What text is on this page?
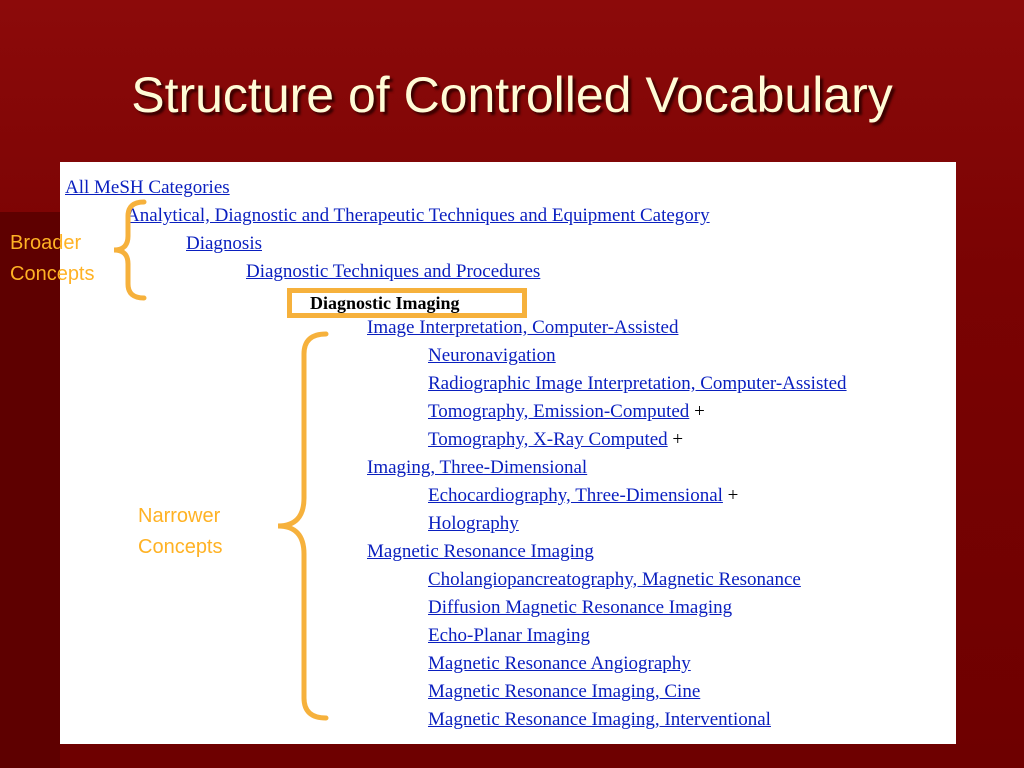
Structure of Controlled Vocabulary
All MeSH Categories
Analytical, Diagnostic and Therapeutic Techniques and Equipment Category
Diagnosis
Diagnostic Techniques and Procedures
Diagnostic Imaging
Image Interpretation, Computer-Assisted
Neuronavigation
Radiographic Image Interpretation, Computer-Assisted
Tomography, Emission-Computed +
Tomography, X-Ray Computed +
Imaging, Three-Dimensional
Echocardiography, Three-Dimensional +
Holography
Magnetic Resonance Imaging
Cholangiopancreatography, Magnetic Resonance
Diffusion Magnetic Resonance Imaging
Echo-Planar Imaging
Magnetic Resonance Angiography
Magnetic Resonance Imaging, Cine
Magnetic Resonance Imaging, Interventional
Broader
Concepts
Narrower
Concepts
